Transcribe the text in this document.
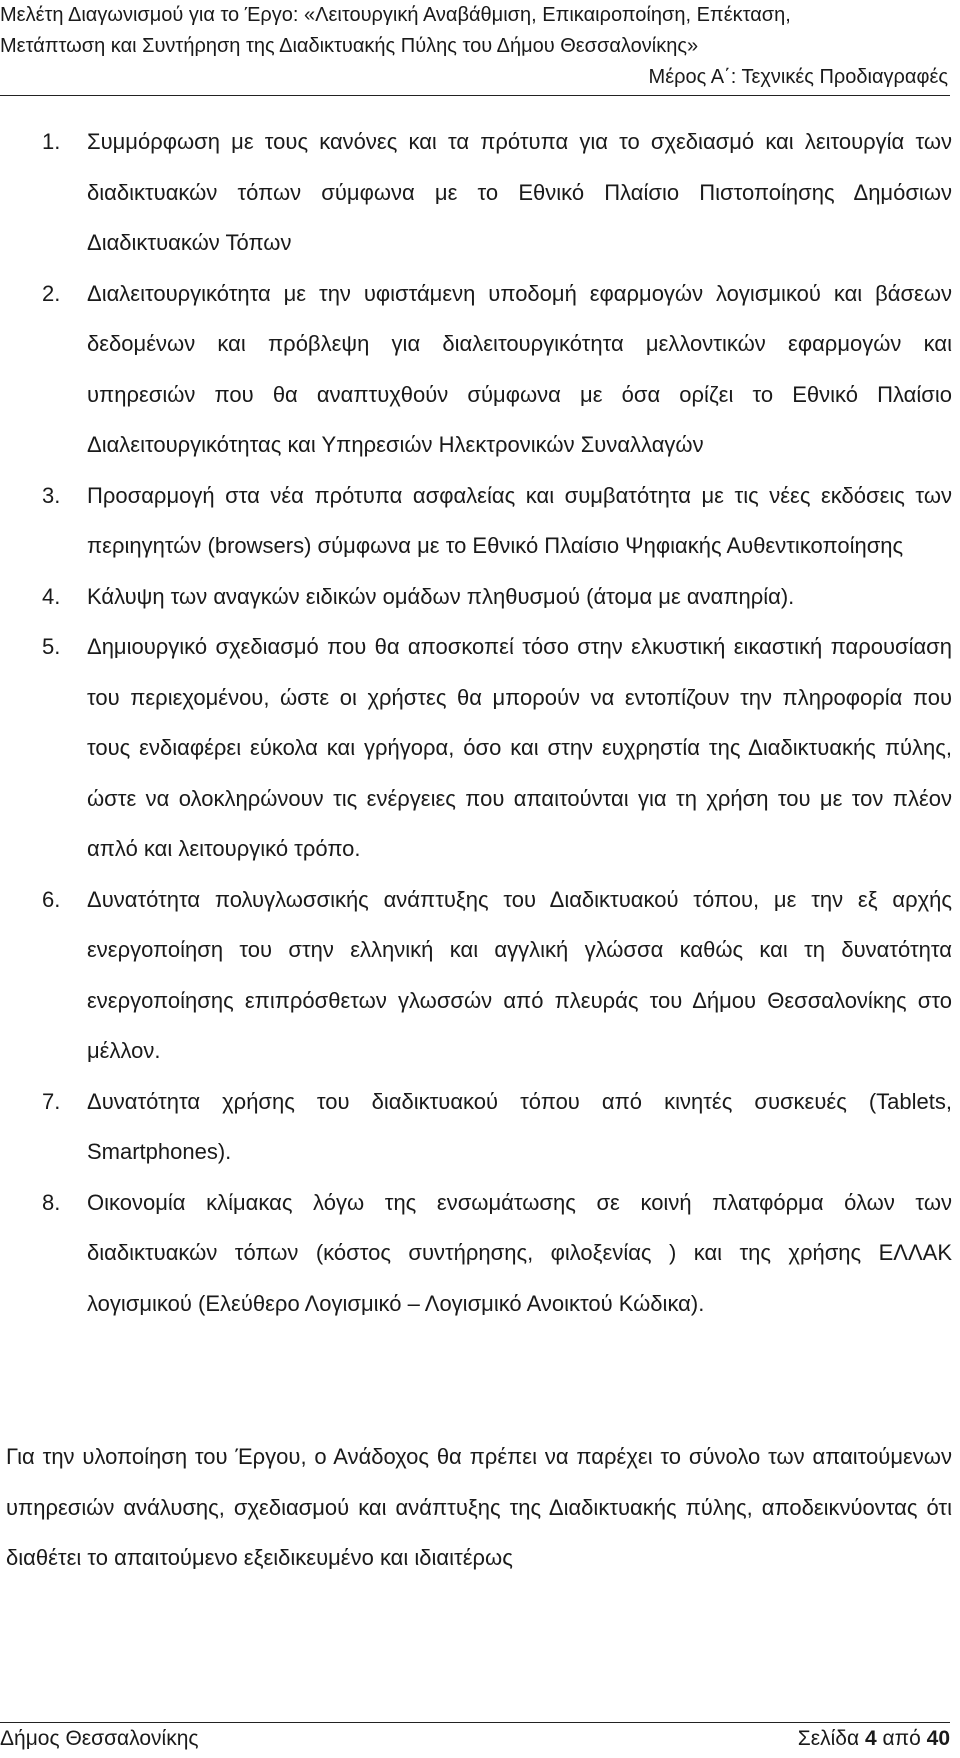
Μελέτη Διαγωνισμού για το Έργο: «Λειτουργική Αναβάθμιση, Επικαιροποίηση, Επέκταση,
Μετάπτωση και Συντήρηση της Διαδικτυακής Πύλης του Δήμου Θεσσαλονίκης»
Μέρος Α΄: Τεχνικές Προδιαγραφές
1. Συμμόρφωση με τους κανόνες και τα πρότυπα για το σχεδιασμό και λειτουργία των διαδικτυακών τόπων σύμφωνα με το Εθνικό Πλαίσιο Πιστοποίησης Δημόσιων Διαδικτυακών Τόπων
2. Διαλειτουργικότητα με την υφιστάμενη υποδομή εφαρμογών λογισμικού και βάσεων δεδομένων και πρόβλεψη για διαλειτουργικότητα μελλοντικών εφαρμογών και υπηρεσιών που θα αναπτυχθούν σύμφωνα με όσα ορίζει το Εθνικό Πλαίσιο Διαλειτουργικότητας και Υπηρεσιών Ηλεκτρονικών Συναλλαγών
3. Προσαρμογή στα νέα πρότυπα ασφαλείας και συμβατότητα με τις νέες εκδόσεις των περιηγητών (browsers) σύμφωνα με το Εθνικό Πλαίσιο Ψηφιακής Αυθεντικοποίησης
4. Κάλυψη των αναγκών ειδικών ομάδων πληθυσμού (άτομα με αναπηρία).
5. Δημιουργικό σχεδιασμό που θα αποσκοπεί τόσο στην ελκυστική εικαστική παρουσίαση του περιεχομένου, ώστε οι χρήστες θα μπορούν να εντοπίζουν την πληροφορία που τους ενδιαφέρει εύκολα και γρήγορα, όσο και στην ευχρηστία της Διαδικτυακής πύλης, ώστε να ολοκληρώνουν τις ενέργειες που απαιτούνται για τη χρήση του με τον πλέον απλό και λειτουργικό τρόπο.
6. Δυνατότητα πολυγλωσσικής ανάπτυξης του Διαδικτυακού τόπου, με την εξ αρχής ενεργοποίηση του στην ελληνική και αγγλική γλώσσα καθώς και τη δυνατότητα ενεργοποίησης επιπρόσθετων γλωσσών από πλευράς του Δήμου Θεσσαλονίκης στο μέλλον.
7. Δυνατότητα χρήσης του διαδικτυακού τόπου από κινητές συσκευές (Tablets, Smartphones).
8. Οικονομία κλίμακας λόγω της ενσωμάτωσης σε κοινή πλατφόρμα όλων των διαδικτυακών τόπων (κόστος συντήρησης, φιλοξενίας ) και της χρήσης ΕΛΛΑΚ λογισμικού (Ελεύθερο Λογισμικό – Λογισμικό Ανοικτού Κώδικα).

Για την υλοποίηση του Έργου, ο Ανάδοχος θα πρέπει να παρέχει το σύνολο των απαιτούμενων υπηρεσιών ανάλυσης, σχεδιασμού και ανάπτυξης της Διαδικτυακής πύλης, αποδεικνύοντας ότι διαθέτει το απαιτούμενο εξειδικευμένο και ιδιαιτέρως

Δήμος Θεσσαλονίκης	Σελίδα 4 από 40
